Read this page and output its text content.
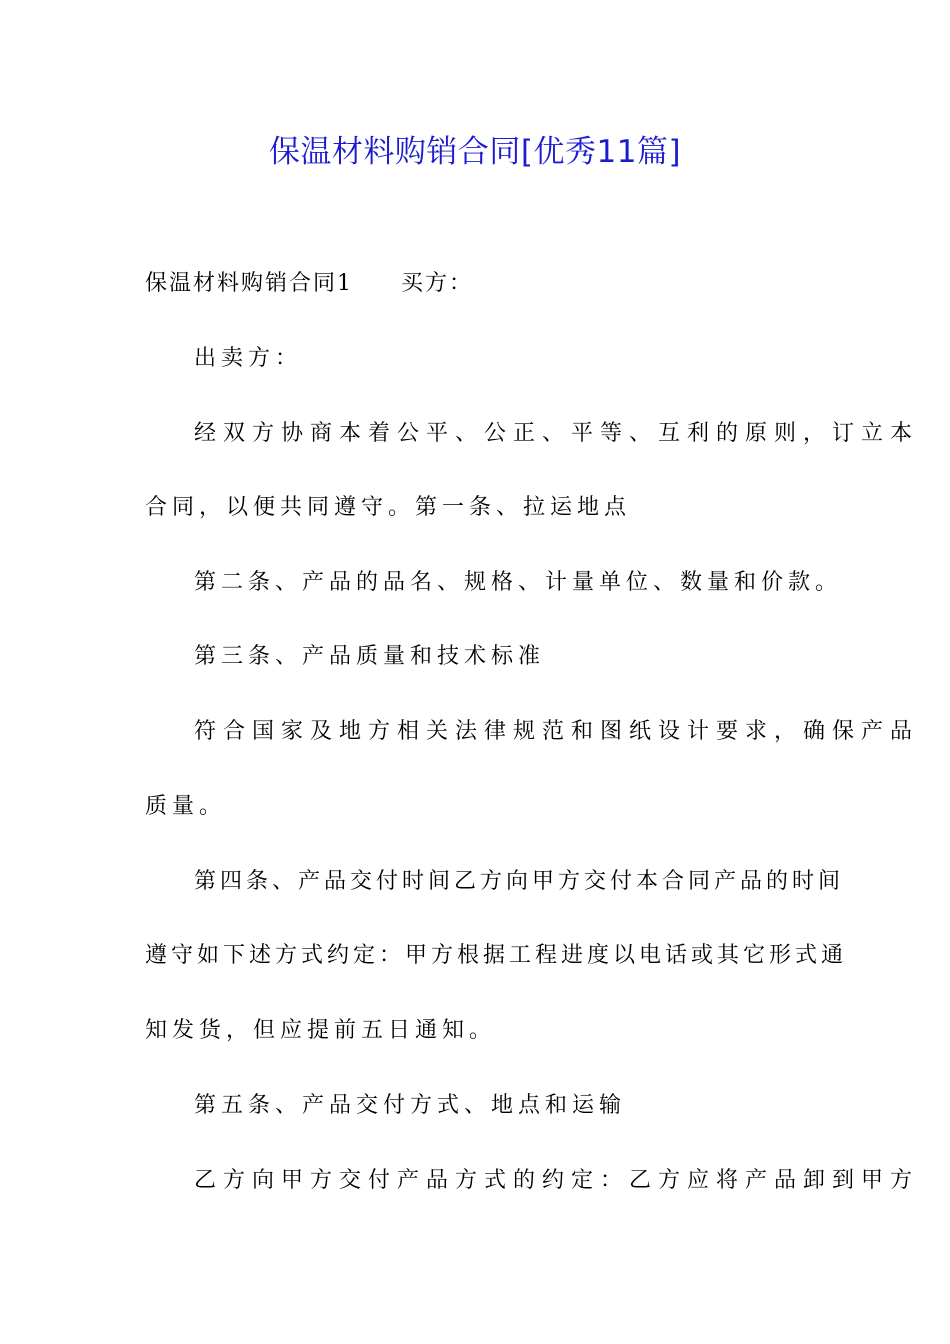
保温材料购销合同[优秀11篇]
保温材料购销合同1 买方：
出卖方：
经双方协商本着公平、公正、平等、互利的原则，订立本
合同，以便共同遵守。第一条、拉运地点
第二条、产品的品名、规格、计量单位、数量和价款。
第三条、产品质量和技术标准
符合国家及地方相关法律规范和图纸设计要求，确保产品
质量。
第四条、产品交付时间乙方向甲方交付本合同产品的时间
遵守如下述方式约定：甲方根据工程进度以电话或其它形式通
知发货，但应提前五日通知。
第五条、产品交付方式、地点和运输
乙方向甲方交付产品方式的约定：乙方应将产品卸到甲方
